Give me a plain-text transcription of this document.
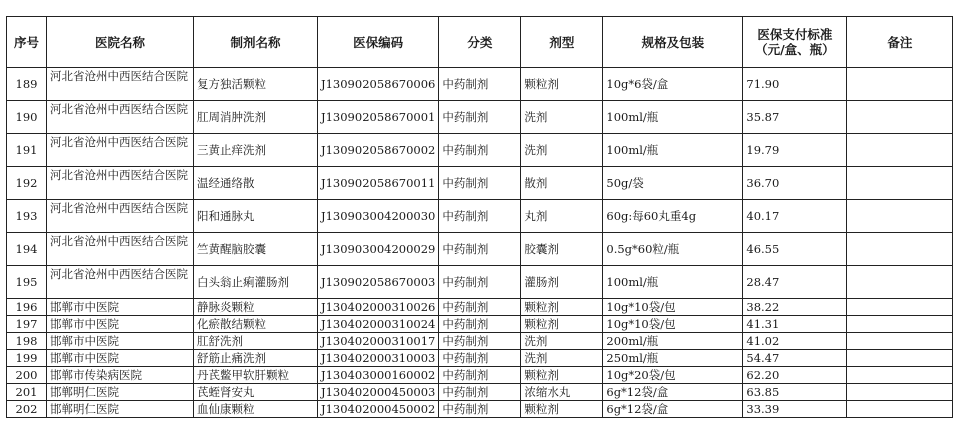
序号	医院名称	制剂名称	医保编码	分类	剂型	规格及包装	医保支付标准（元/盒、瓶）	备注
189	河北省沧州中西医结合医院	复方独活颗粒	J130902058670006	中药制剂	颗粒剂	10g*6袋/盒	71.90	
190	河北省沧州中西医结合医院	肛周消肿洗剂	J130902058670001	中药制剂	洗剂	100ml/瓶	35.87	
191	河北省沧州中西医结合医院	三黄止痒洗剂	J130902058670002	中药制剂	洗剂	100ml/瓶	19.79	
192	河北省沧州中西医结合医院	温经通络散	J130902058670011	中药制剂	散剂	50g/袋	36.70	
193	河北省沧州中西医结合医院	阳和通脉丸	J130903004200030	中药制剂	丸剂	60g:每60丸重4g	40.17	
194	河北省沧州中西医结合医院	竺黄醒脑胶囊	J130903004200029	中药制剂	胶囊剂	0.5g*60粒/瓶	46.55	
195	河北省沧州中西医结合医院	白头翁止痢灌肠剂	J130902058670003	中药制剂	灌肠剂	100ml/瓶	28.47	
196	邯郸市中医院	静脉炎颗粒	J130402000310026	中药制剂	颗粒剂	10g*10袋/包	38.22	
197	邯郸市中医院	化瘀散结颗粒	J130402000310024	中药制剂	颗粒剂	10g*10袋/包	41.31	
198	邯郸市中医院	肛舒洗剂	J130402000310017	中药制剂	洗剂	200ml/瓶	41.02	
199	邯郸市中医院	舒筋止痛洗剂	J130402000310003	中药制剂	洗剂	250ml/瓶	54.47	
200	邯郸市传染病医院	丹芪鳖甲软肝颗粒	J130403000160002	中药制剂	颗粒剂	10g*20袋/包	62.20	
201	邯郸明仁医院	芪蛭肾安丸	J130402000450003	中药制剂	浓缩水丸	6g*12袋/盒	63.85	
202	邯郸明仁医院	血仙康颗粒	J130402000450002	中药制剂	颗粒剂	6g*12袋/盒	33.39	
